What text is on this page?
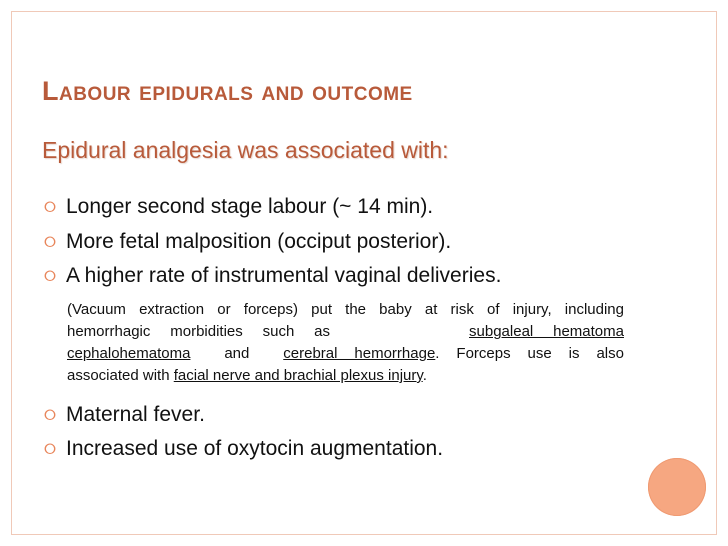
Labour epidurals and outcome
Epidural analgesia was associated with:
⭘ Longer second stage labour (~ 14 min).
⭘ More fetal malposition (occiput posterior).
⭘ A higher rate of instrumental vaginal deliveries.
(Vacuum extraction or forceps) put the baby at risk of injury, including
hemorrhagic morbidities such as	subgaleal hematoma
cephalohematoma and cerebral hemorrhage. Forceps use is also
associated with facial nerve and brachial plexus injury.
⭘ Maternal fever.
⭘ Increased use of oxytocin augmentation.
